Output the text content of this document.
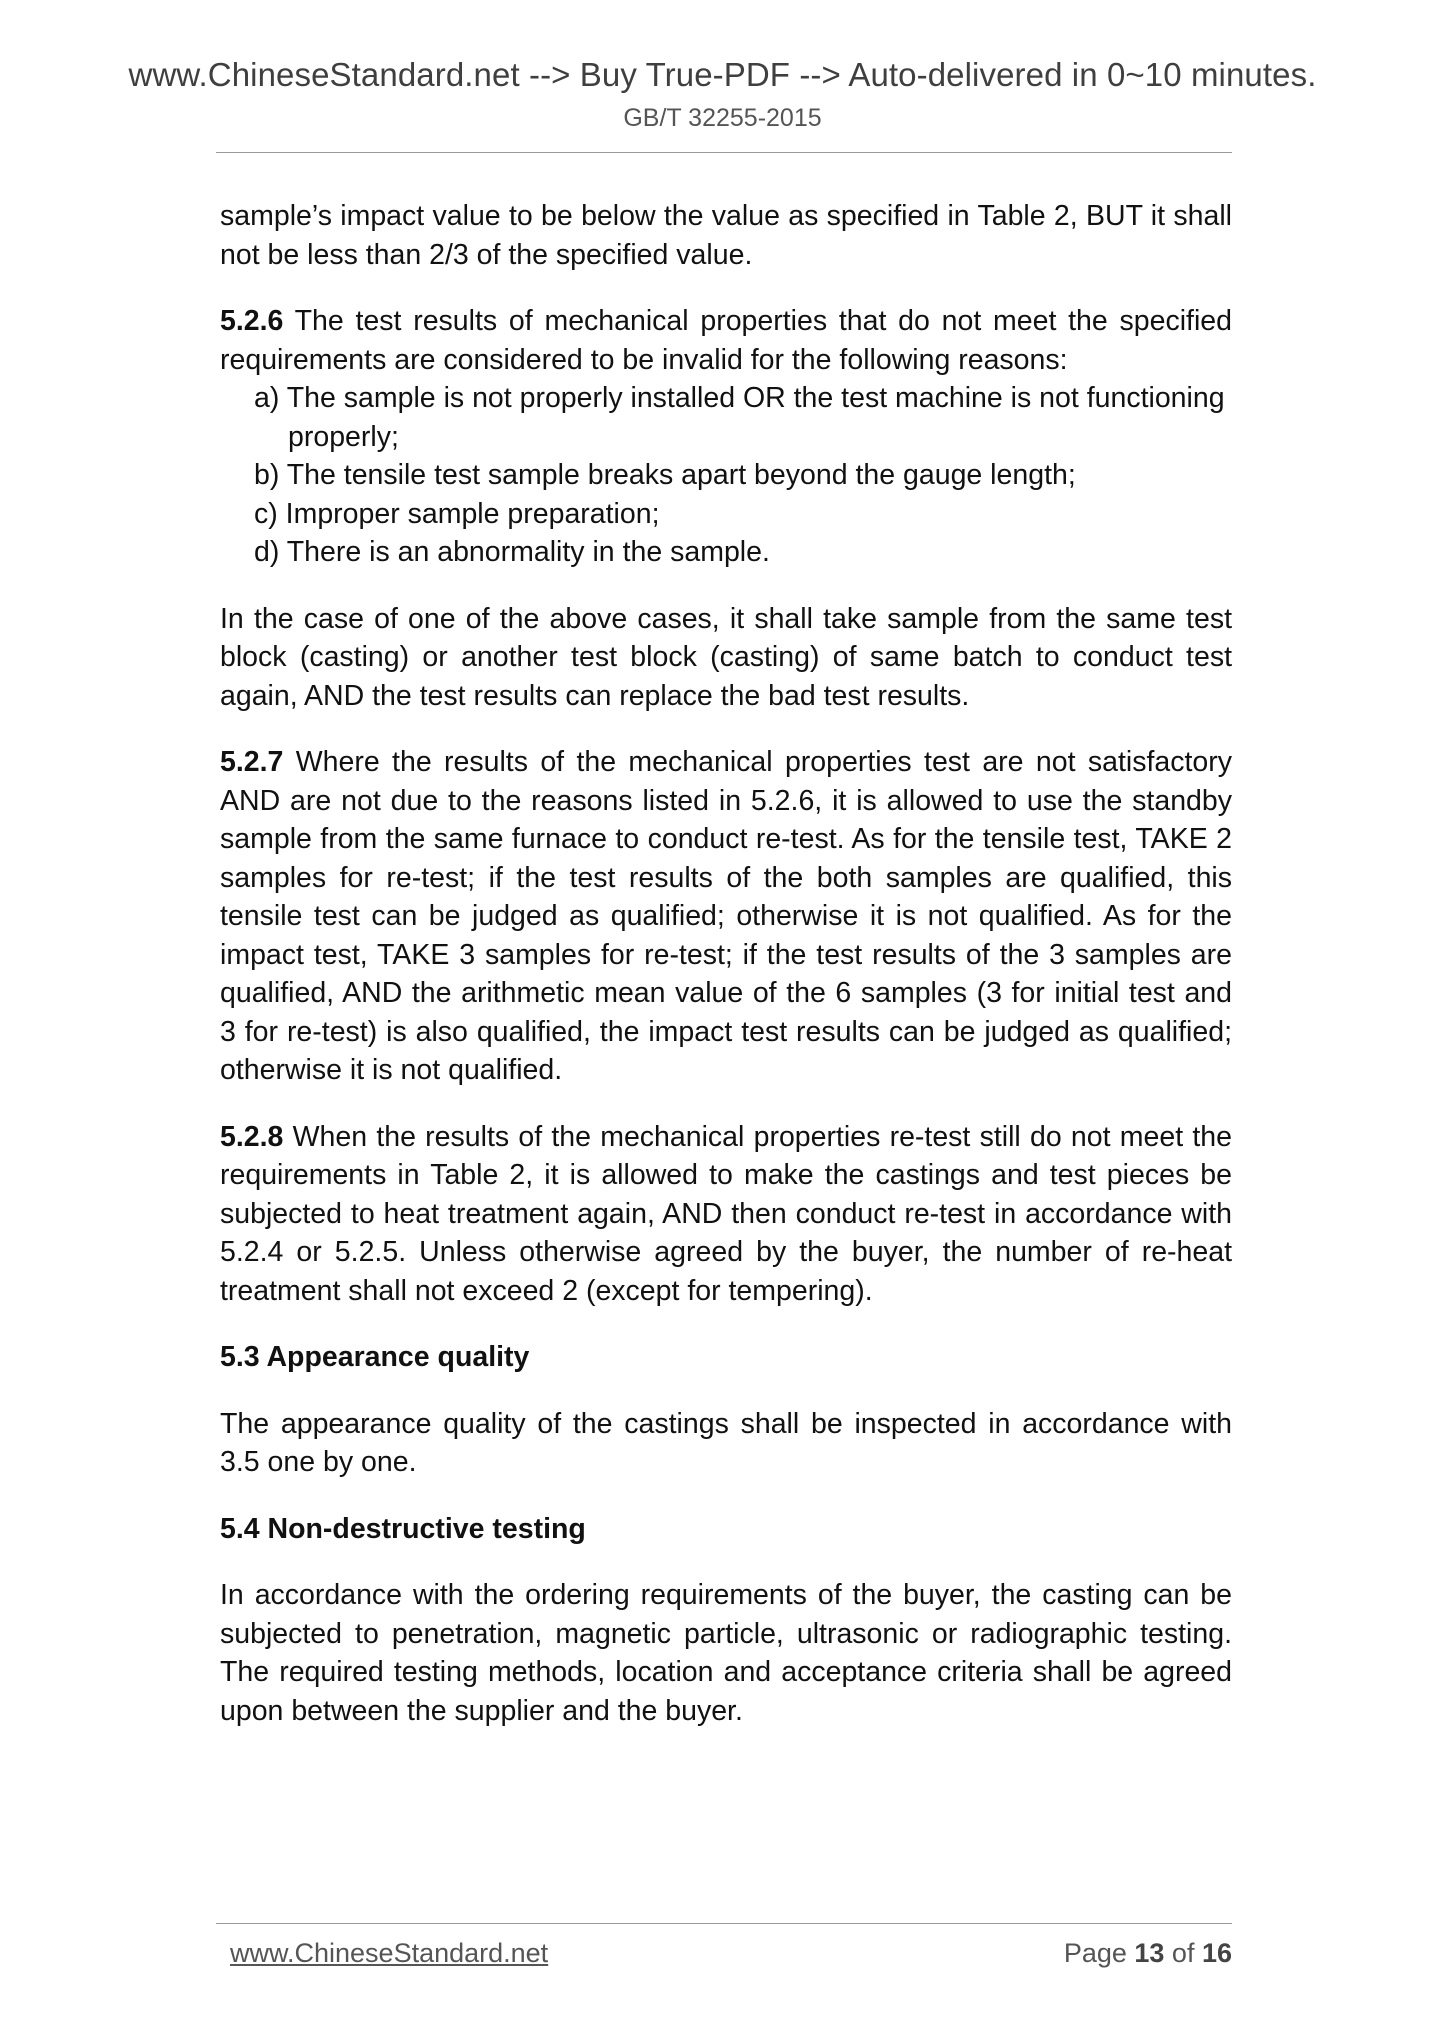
www.ChineseStandard.net --> Buy True-PDF --> Auto-delivered in 0~10 minutes.
GB/T 32255-2015

sample’s impact value to be below the value as specified in Table 2, BUT it shall not be less than 2/3 of the specified value.

5.2.6 The test results of mechanical properties that do not meet the specified requirements are considered to be invalid for the following reasons:

a) The sample is not properly installed OR the test machine is not functioning properly;

b) The tensile test sample breaks apart beyond the gauge length;

c) Improper sample preparation;

d) There is an abnormality in the sample.

In the case of one of the above cases, it shall take sample from the same test block (casting) or another test block (casting) of same batch to conduct test again, AND the test results can replace the bad test results.

5.2.7 Where the results of the mechanical properties test are not satisfactory AND are not due to the reasons listed in 5.2.6, it is allowed to use the standby sample from the same furnace to conduct re-test. As for the tensile test, TAKE 2 samples for re-test; if the test results of the both samples are qualified, this tensile test can be judged as qualified; otherwise it is not qualified. As for the impact test, TAKE 3 samples for re-test; if the test results of the 3 samples are qualified, AND the arithmetic mean value of the 6 samples (3 for initial test and 3 for re-test) is also qualified, the impact test results can be judged as qualified; otherwise it is not qualified.

5.2.8 When the results of the mechanical properties re-test still do not meet the requirements in Table 2, it is allowed to make the castings and test pieces be subjected to heat treatment again, AND then conduct re-test in accordance with 5.2.4 or 5.2.5. Unless otherwise agreed by the buyer, the number of re-heat treatment shall not exceed 2 (except for tempering).

5.3 Appearance quality

The appearance quality of the castings shall be inspected in accordance with 3.5 one by one.

5.4 Non-destructive testing

In accordance with the ordering requirements of the buyer, the casting can be subjected to penetration, magnetic particle, ultrasonic or radiographic testing. The required testing methods, location and acceptance criteria shall be agreed upon between the supplier and the buyer.

www.ChineseStandard.net	Page 13 of 16
